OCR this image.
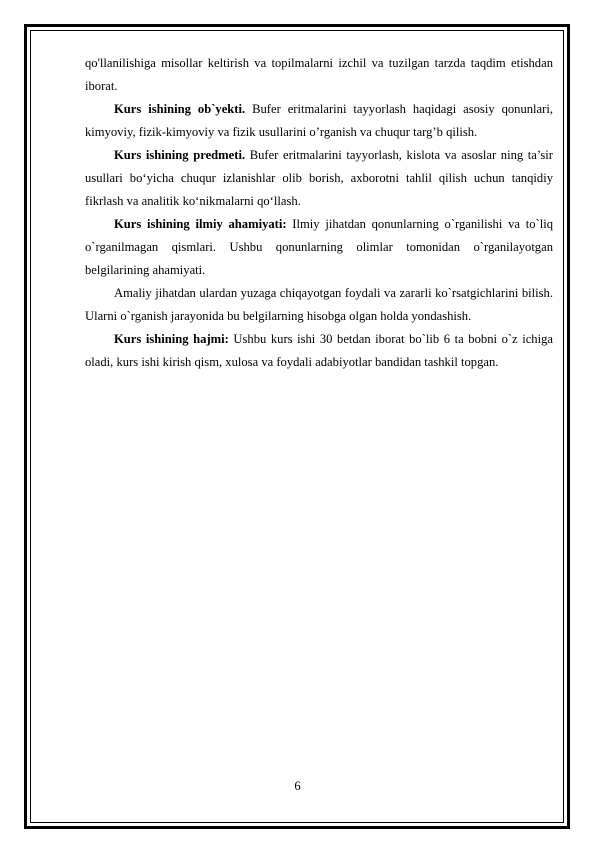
qo'llanilishiga misollar keltirish va topilmalarni izchil va tuzilgan tarzda taqdim etishdan iborat.

Kurs ishining ob`yekti. Bufer eritmalarini tayyorlash haqidagi asosiy qonunlari, kimyoviy, fizik-kimyoviy va fizik usullarini o’rganish va chuqur targ’b qilish.

Kurs ishining predmeti. Bufer eritmalarini tayyorlash, kislota va asoslar ning ta’sir usullari bo‘yicha chuqur izlanishlar olib borish, axborotni tahlil qilish uchun tanqidiy fikrlash va analitik ko‘nikmalarni qo‘llash.

Kurs ishining ilmiy ahamiyati: Ilmiy jihatdan qonunlarning o`rganilishi va to`liq o`rganilmagan qismlari. Ushbu qonunlarning olimlar tomonidan o`rganilayotgan belgilarining ahamiyati.

Amaliy jihatdan ulardan yuzaga chiqayotgan foydali va zararli ko`rsatgichlarini bilish. Ularni o`rganish jarayonida bu belgilarning hisobga olgan holda yondashish.

Kurs ishining hajmi: Ushbu kurs ishi 30 betdan iborat bo`lib 6 ta bobni o`z ichiga oladi, kurs ishi kirish qism, xulosa va foydali adabiyotlar bandidan tashkil topgan.

6
